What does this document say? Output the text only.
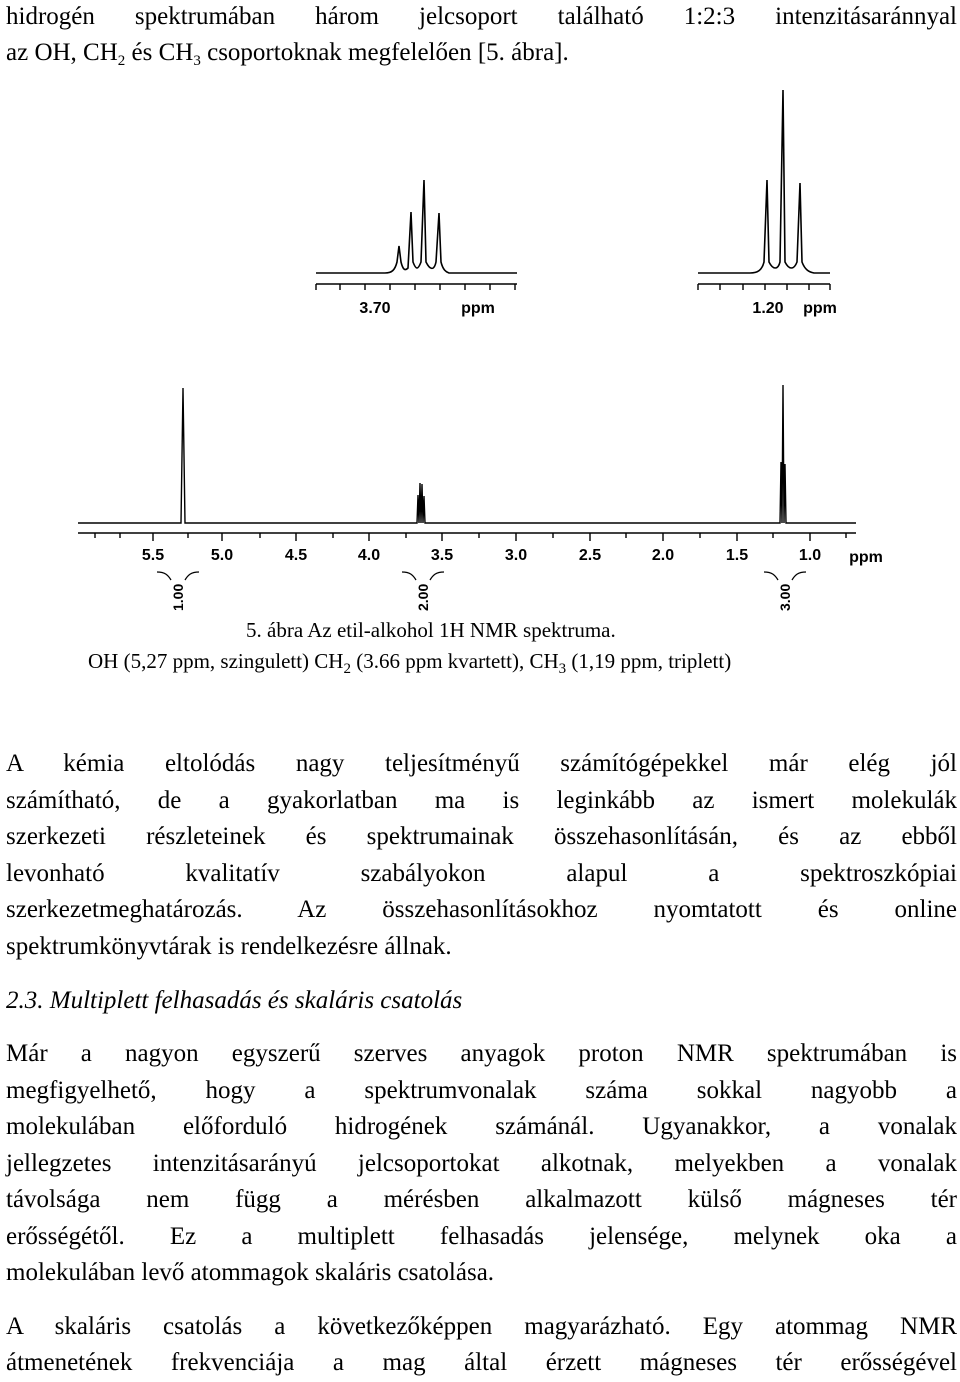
hidrogén spektrumában három jelcsoport található 1:2:3 intenzitásaránnyal
az OH, $CH_2$ és $CH_3$ csoportoknak megfelelően [5. ábra].
3.70	ppm	1.20 ppm
5.5	5.0	4.5	4.0	3.5	3.0	2.5	2.0	1.5	1.0 ppm
1.00	2.00	3.00
5. ábra Az etil-alkohol 1H NMR spektruma.
OH (5,27 ppm, szingulett) $CH_2$ (3.66 ppm kvartett), $CH_3$ (1,19 ppm, triplett)
A kémia eltolódás nagy teljesítményű számítógépekkel már elég jól
számítható, de a gyakorlatban ma is leginkább az ismert molekulák
szerkezeti részleteinek és spektrumainak összehasonlításán, és az ebből
levonható kvalitatív szabályokon alapul a spektroszkópiai
szerkezetmeghatározás. Az összehasonlításokhoz nyomtatott és online
spektrumkönyvtárak is rendelkezésre állnak.
2.3. Multiplett felhasadás és skaláris csatolás
Már a nagyon egyszerű szerves anyagok proton NMR spektrumában is
megfigyelhető, hogy a spektrumvonalak száma sokkal nagyobb a
molekulában előforduló hidrogének számánál. Ugyanakkor, a vonalak
jellegzetes intenzitásarányú jelcsoportokat alkotnak, melyekben a vonalak
távolsága nem függ a mérésben alkalmazott külső mágneses tér
erősségétől. Ez a multiplett felhasadás jelensége, melynek oka a
molekulában levő atommagok skaláris csatolása.
A skaláris csatolás a következőképpen magyarázható. Egy atommag NMR
átmenetének frekvenciája a mag által érzett mágneses tér erősségével
